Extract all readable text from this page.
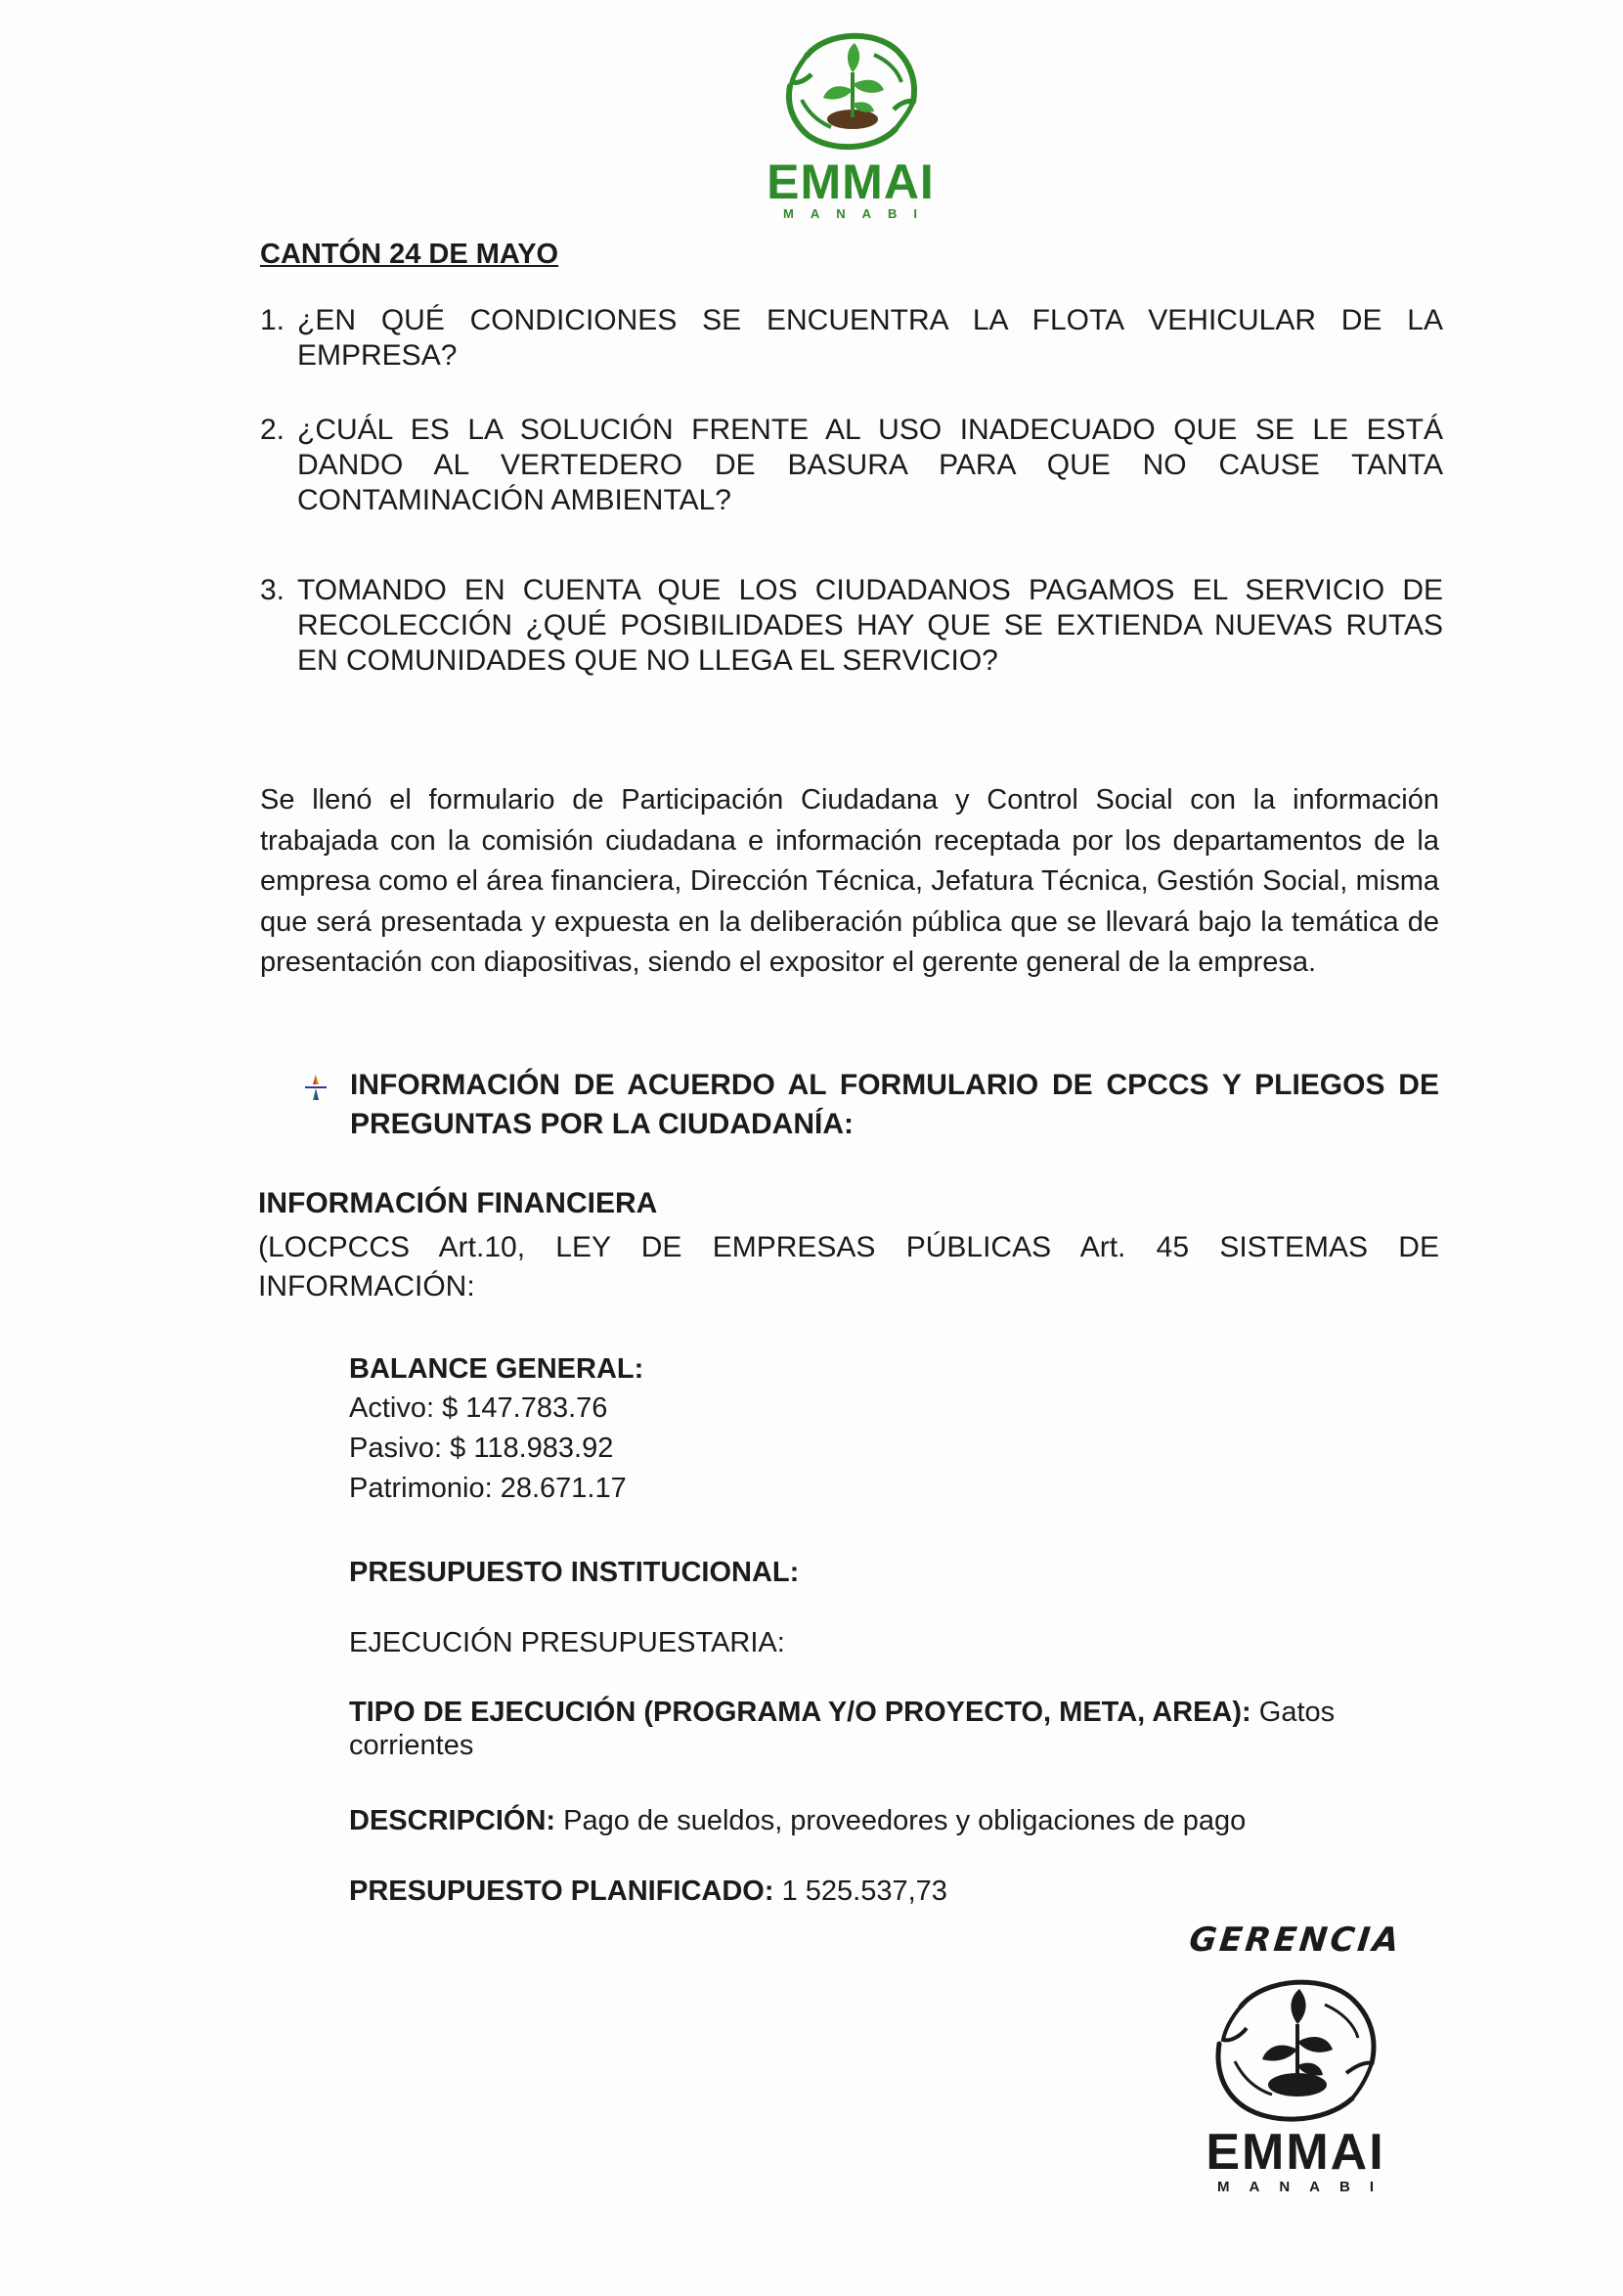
EMMAI
MANABI
CANTÓN 24 DE MAYO
1. ¿EN QUÉ CONDICIONES SE ENCUENTRA LA FLOTA VEHICULAR DE LA EMPRESA?
2. ¿CUÁL ES LA SOLUCIÓN FRENTE AL USO INADECUADO QUE SE LE ESTÁ DANDO AL VERTEDERO DE BASURA PARA QUE NO CAUSE TANTA CONTAMINACIÓN AMBIENTAL?
3. TOMANDO EN CUENTA QUE LOS CIUDADANOS PAGAMOS EL SERVICIO DE RECOLECCIÓN ¿QUÉ POSIBILIDADES HAY QUE SE EXTIENDA NUEVAS RUTAS EN COMUNIDADES QUE NO LLEGA EL SERVICIO?
Se llenó el formulario de Participación Ciudadana y Control Social con la información trabajada con la comisión ciudadana e información receptada por los departamentos de la empresa como el área financiera, Dirección Técnica, Jefatura Técnica, Gestión Social, misma que será presentada y expuesta en la deliberación pública que se llevará bajo la temática de presentación con diapositivas, siendo el expositor el gerente general de la empresa.
INFORMACIÓN DE ACUERDO AL FORMULARIO DE CPCCS Y PLIEGOS DE PREGUNTAS POR LA CIUDADANÍA:
INFORMACIÓN FINANCIERA
(LOCPCCS Art.10, LEY DE EMPRESAS PÚBLICAS Art. 45 SISTEMAS DE INFORMACIÓN:
BALANCE GENERAL:
Activo: $ 147.783.76
Pasivo: $ 118.983.92
Patrimonio: 28.671.17
PRESUPUESTO INSTITUCIONAL:
EJECUCIÓN PRESUPUESTARIA:
TIPO DE EJECUCIÓN (PROGRAMA Y/O PROYECTO, META, AREA): Gatos corrientes
DESCRIPCIÓN: Pago de sueldos, proveedores y obligaciones de pago
PRESUPUESTO PLANIFICADO: 1 525.537,73
GERENCIA
EMMAI
MANABI
